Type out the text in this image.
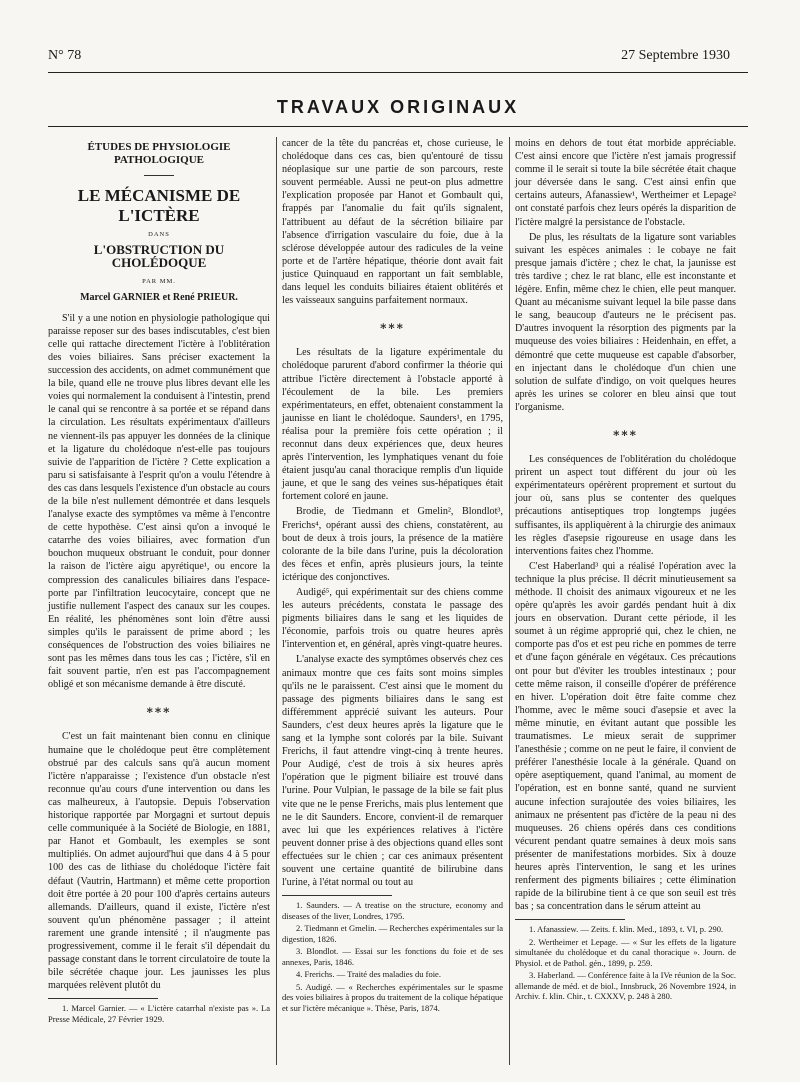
N° 78	27 Septembre 1930
TRAVAUX ORIGINAUX
ÉTUDES DE PHYSIOLOGIE PATHOLOGIQUE
LE MÉCANISME DE L'ICTÈRE
DANS
L'OBSTRUCTION DU CHOLÉDOQUE
PAR MM.
Marcel GARNIER et René PRIEUR.

S'il y a une notion en physiologie pathologique qui paraisse reposer sur des bases indiscutables, c'est bien celle qui rattache directement l'ictère à l'oblitération des voies biliaires. Sans préciser exactement la succession des accidents, on admet communément que la bile, quand elle ne trouve plus libres devant elle les voies qui normalement la conduisent à l'intestin, prend le canal qui se rencontre à sa portée et se répand dans la circulation. Les résultats expérimentaux d'ailleurs ne viennent-ils pas appuyer les données de la clinique et la ligature du cholédoque n'est-elle pas toujours suivie de l'apparition de l'ictère ? Cette explication a paru si satisfaisante à l'esprit qu'on a voulu l'étendre à des cas dans lesquels l'existence d'un obstacle au cours de la bile n'est nullement démontrée et dans lesquels l'analyse exacte des symptômes va même à l'encontre de cette hypothèse. C'est ainsi qu'on a invoqué le catarrhe des voies biliaires, avec formation d'un bouchon muqueux obstruant le conduit, pour donner la raison de l'ictère aigu apyrétique¹, ou encore la compression des canalicules biliaires dans l'espace-porte par l'infiltration leucocytaire, concept que ne justifie nullement l'aspect des canaux sur les coupes. En réalité, les phénomènes sont loin d'être aussi simples qu'ils le paraissent de prime abord ; les conséquences de l'obstruction des voies biliaires ne sont pas les mêmes dans tous les cas ; l'ictère, s'il en fait souvent partie, n'en est pas l'accompagnement obligé et son mécanisme demande à être discuté.

⁎⁎⁎

C'est un fait maintenant bien connu en clinique humaine que le cholédoque peut être complètement obstrué par des calculs sans qu'à aucun moment l'ictère n'apparaisse ; l'existence d'un obstacle n'est reconnue qu'au cours d'une intervention ou dans les cas malheureux, à l'autopsie. Depuis l'observation historique rapportée par Morgagni et surtout depuis celle communiquée à la Société de Biologie, en 1881, par Hanot et Gombault, les exemples se sont multipliés. On admet aujourd'hui que dans 4 à 5 pour 100 des cas de lithiase du cholédoque l'ictère fait défaut (Vautrin, Hartmann) et même cette proportion doit être portée à 20 pour 100 d'après certains auteurs allemands. D'ailleurs, quand il existe, l'ictère n'est souvent qu'un phénomène passager ; il atteint rarement une grande intensité ; il n'augmente pas progressivement, comme il le ferait s'il dépendait du passage constant dans le torrent circulatoire de toute la bile sécrétée chaque jour. Les jaunisses les plus marquées relèvent plutôt du

1. Marcel Garnier. — « L'ictère catarrhal n'existe pas ». La Presse Médicale, 27 Février 1929.

cancer de la tête du pancréas et, chose curieuse, le cholédoque dans ces cas, bien qu'entouré de tissu néoplasique sur une partie de son parcours, reste souvent perméable. Aussi ne peut-on plus admettre l'explication proposée par Hanot et Gombault qui, frappés par l'anomalie du fait qu'ils signalent, l'attribuent au défaut de la sécrétion biliaire par l'absence d'irrigation vasculaire du foie, due à la sclérose développée autour des radicules de la veine porte et de l'artère hépatique, théorie dont avait fait justice Quinquaud en rapportant un fait semblable, dans lequel les conduits biliaires étaient oblitérés et les vaisseaux sanguins parfaitement normaux.

⁎⁎⁎

Les résultats de la ligature expérimentale du cholédoque parurent d'abord confirmer la théorie qui attribue l'ictère directement à l'obstacle apporté à l'écoulement de la bile. Les premiers expérimentateurs, en effet, obtenaient constamment la jaunisse en liant le cholédoque. Saunders¹, en 1795, réalisa pour la première fois cette opération ; il reconnut dans deux expériences que, deux heures après l'intervention, les lymphatiques venant du foie étaient jusqu'au canal thoracique remplis d'un liquide jaune, et que le sang des veines sus-hépatiques était fortement coloré en jaune.

Brodie, de Tiedmann et Gmelin², Blondlot³, Frerichs⁴, opérant aussi des chiens, constatèrent, au bout de deux à trois jours, la présence de la matière colorante de la bile dans l'urine, puis la décoloration des fèces et enfin, après plusieurs jours, la teinte ictérique des conjonctives.

Audigé⁵, qui expérimentait sur des chiens comme les auteurs précédents, constata le passage des pigments biliaires dans le sang et les liquides de l'économie, parfois trois ou quatre heures après l'intervention et, en général, après vingt-quatre heures.

L'analyse exacte des symptômes observés chez ces animaux montre que ces faits sont moins simples qu'ils ne le paraissent. C'est ainsi que le moment du passage des pigments biliaires dans le sang est différemment apprécié suivant les auteurs. Pour Saunders, c'est deux heures après la ligature que le sang et la lymphe sont colorés par la bile. Suivant Frerichs, il faut attendre vingt-cinq à trente heures. Pour Audigé, c'est de trois à six heures après l'opération que le pigment biliaire est trouvé dans l'urine. Pour Vulpian, le passage de la bile se fait plus vite que ne le pense Frerichs, mais plus lentement que ne le dit Saunders. Encore, convient-il de remarquer avec lui que les expériences relatives à l'ictère peuvent donner prise à des objections quand elles sont effectuées sur le chien ; car ces animaux présentent souvent une certaine quantité de bilirubine dans l'urine, à l'état normal ou tout au

1. Saunders. — A treatise on the structure, economy and diseases of the liver, Londres, 1795.

2. Tiedmann et Gmelin. — Recherches expérimentales sur la digestion, 1826.

3. Blondlot. — Essai sur les fonctions du foie et de ses annexes, Paris, 1846.

4. Frerichs. — Traité des maladies du foie.

5. Audigé. — « Recherches expérimentales sur le spasme des voies biliaires à propos du traitement de la colique hépatique et sur l'ictère mécanique ». Thèse, Paris, 1874.

moins en dehors de tout état morbide appréciable. C'est ainsi encore que l'ictère n'est jamais progressif comme il le serait si toute la bile sécrétée était chaque jour déversée dans le sang. C'est ainsi enfin que certains auteurs, Afanassiew¹, Wertheimer et Lepage² ont constaté parfois chez leurs opérés la disparition de l'ictère malgré la persistance de l'obstacle.

De plus, les résultats de la ligature sont variables suivant les espèces animales : le cobaye ne fait presque jamais d'ictère ; chez le chat, la jaunisse est très tardive ; chez le rat blanc, elle est inconstante et légère. Enfin, même chez le chien, elle peut manquer. Quant au mécanisme suivant lequel la bile passe dans le sang, beaucoup d'auteurs ne le précisent pas. D'autres invoquent la résorption des pigments par la muqueuse des voies biliaires : Heidenhain, en effet, a démontré que cette muqueuse est capable d'absorber, en injectant dans le cholédoque d'un chien une solution de sulfate d'indigo, on voit quelques heures après les urines se colorer en bleu ainsi que tout l'organisme.

⁎⁎⁎

Les conséquences de l'oblitération du cholédoque prirent un aspect tout différent du jour où les expérimentateurs opérèrent proprement et surtout du jour où, sans plus se contenter des quelques précautions antiseptiques trop longtemps jugées suffisantes, ils appliquèrent à la chirurgie des animaux les règles d'asepsie rigoureuse en usage dans les interventions faites chez l'homme.

C'est Haberland³ qui a réalisé l'opération avec la technique la plus précise. Il décrit minutieusement sa méthode. Il choisit des animaux vigoureux et ne les opère qu'après les avoir gardés pendant huit à dix jours en observation. Durant cette période, il les soumet à un régime approprié qui, chez le chien, ne comporte pas d'os et est peu riche en pommes de terre et d'une façon générale en végétaux. Ces précautions ont pour but d'éviter les troubles intestinaux ; pour cette même raison, il conseille d'opérer de préférence en hiver. L'opération doit être faite comme chez l'homme, avec le même souci d'asepsie et avec la même minutie, en évitant autant que possible les traumatismes. Le mieux serait de supprimer l'anesthésie ; comme on ne peut le faire, il convient de préférer l'anesthésie locale à la générale. Quand on opère aseptiquement, quand l'animal, au moment de l'opération, est en bonne santé, quand ne survient aucune infection surajoutée des voies biliaires, les animaux ne présentent pas d'ictère de la peau ni des muqueuses. 26 chiens opérés dans ces conditions vécurent pendant quatre semaines à deux mois sans présenter de manifestations morbides. Six à douze heures après l'intervention, le sang et les urines renferment des pigments biliaires ; cette élimination rapide de la bilirubine tient à ce que son seuil est très bas ; sa concentration dans le sérum atteint au

1. Afanassiew. — Zeits. f. klin. Med., 1893, t. VI, p. 290.

2. Wertheimer et Lepage. — « Sur les effets de la ligature simultanée du cholédoque et du canal thoracique ». Journ. de Physiol. et de Pathol. gén., 1899, p. 259.

3. Haberland. — Conférence faite à la IVe réunion de la Soc. allemande de méd. et de biol., Innsbruck, 26 Novembre 1924, in Archiv. f. klin. Chir., t. CXXXV, p. 248 à 280.
